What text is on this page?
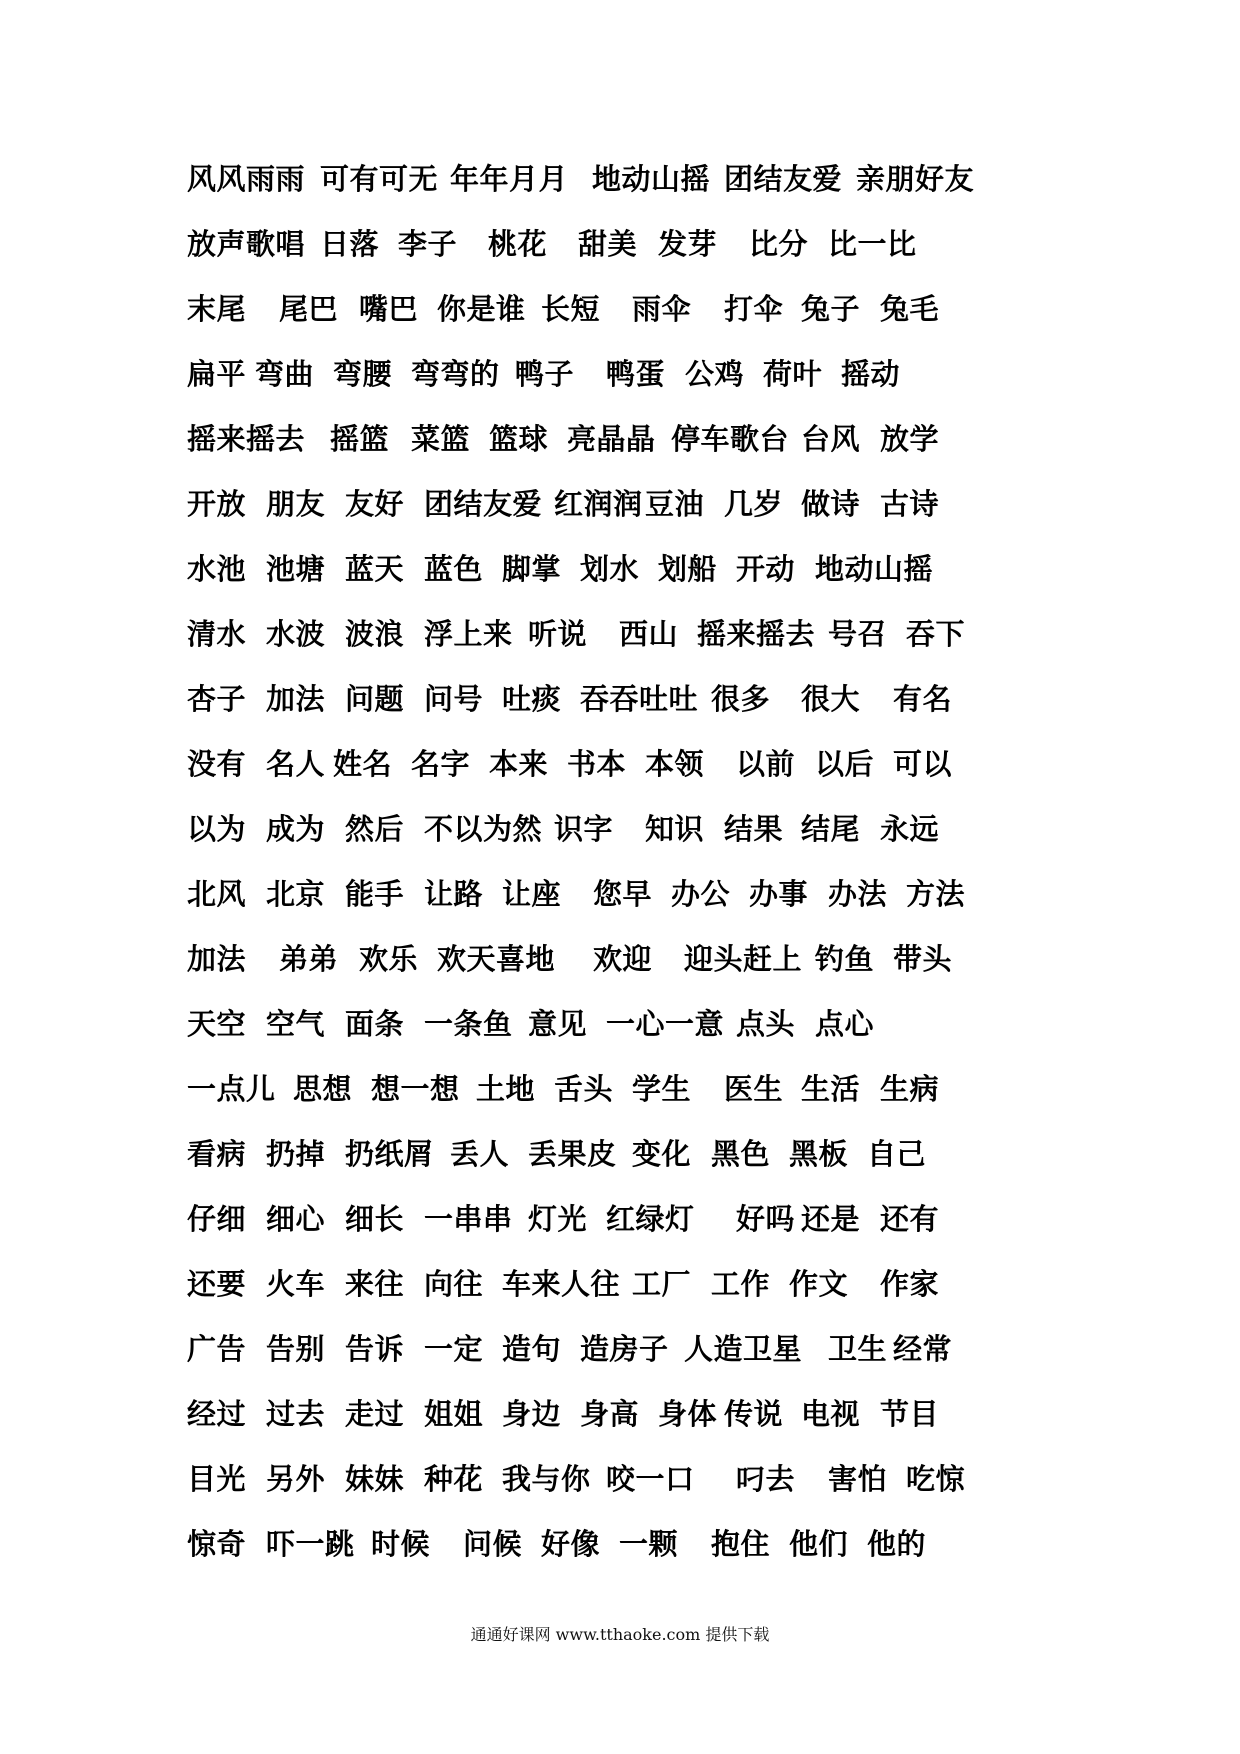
风风雨雨 可有可无 年年月月 地动山摇 团结友爱 亲朋好友
放声歌唱 日落 李子 桃花 甜美 发芽 比分 比一比
末尾 尾巴 嘴巴 你是谁 长短 雨伞 打伞 兔子 兔毛
扁平 弯曲 弯腰 弯弯的 鸭子 鸭蛋 公鸡 荷叶 摇动
摇来摇去 摇篮 菜篮 篮球 亮晶晶 停车歌台 台风 放学
开放 朋友 友好 团结友爱 红润润 豆油 几岁 做诗 古诗
水池 池塘 蓝天 蓝色 脚掌 划水 划船 开动 地动山摇
清水 水波 波浪 浮上来 听说 西山 摇来摇去 号召 吞下
杏子 加法 问题 问号 吐痰 吞吞吐吐 很多 很大 有名
没有 名人 姓名 名字 本来 书本 本领 以前 以后 可以
以为 成为 然后 不以为然 识字 知识 结果 结尾 永远
北风 北京 能手 让路 让座 您早 办公 办事 办法 方法
加法 弟弟 欢乐 欢天喜地 欢迎 迎头赶上 钓鱼 带头
天空 空气 面条 一条鱼 意见 一心一意 点头 点心
一点儿 思想 想一想 土地 舌头 学生 医生 生活 生病
看病 扔掉 扔纸屑 丢人 丢果皮 变化 黑色 黑板 自己
仔细 细心 细长 一串串 灯光 红绿灯 好吗 还是 还有
还要 火车 来往 向往 车来人往 工厂 工作 作文 作家
广告 告别 告诉 一定 造句 造房子 人造卫星 卫生 经常
经过 过去 走过 姐姐 身边 身高 身体 传说 电视 节目
目光 另外 妹妹 种花 我与你 咬一口 叼去 害怕 吃惊
惊奇 吓一跳 时候 问候 好像 一颗 抱住 他们 他的
通通好课网 www.tthaoke.com 提供下载
